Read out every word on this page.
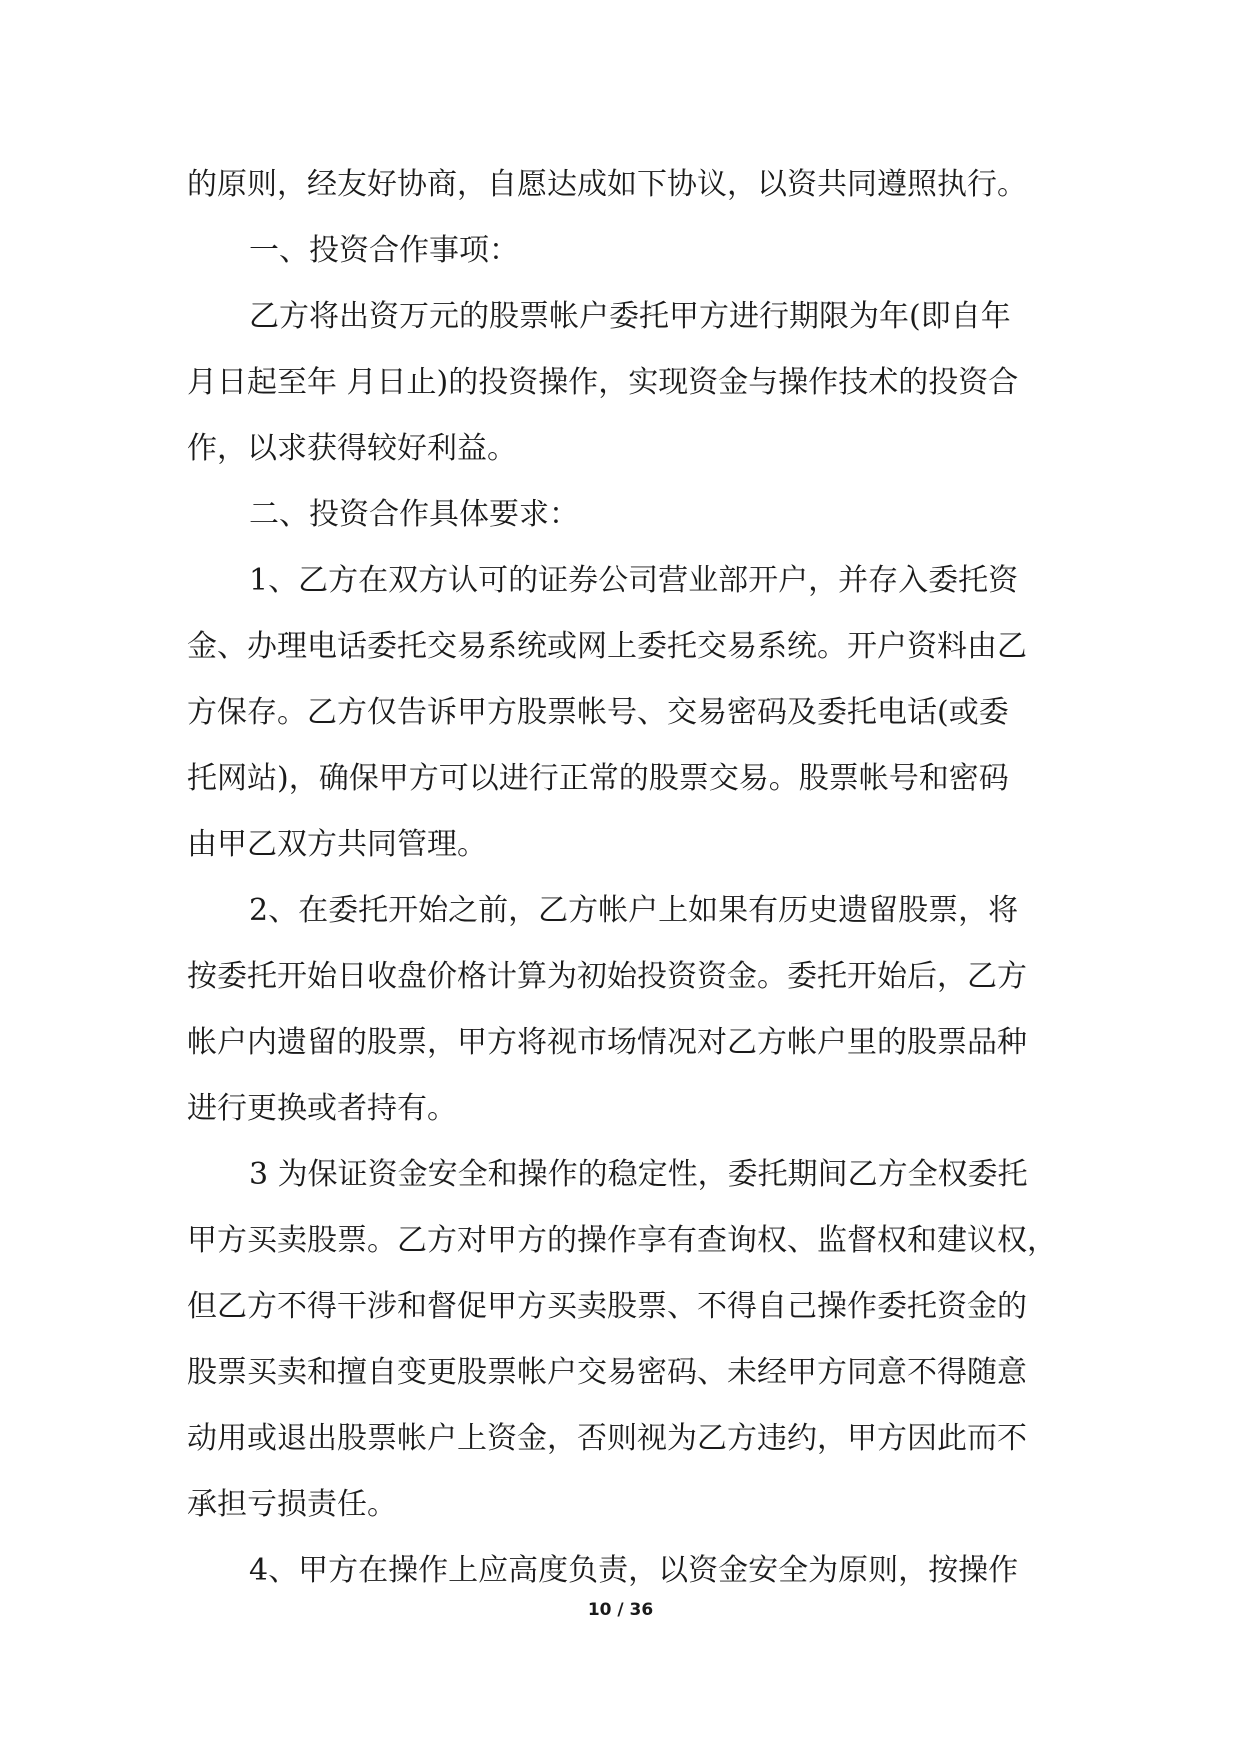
的原则，经友好协商，自愿达成如下协议，以资共同遵照执行。
一、投资合作事项：
乙方将出资万元的股票帐户委托甲方进行期限为年(即自年
月日起至年 月日止)的投资操作，实现资金与操作技术的投资合
作，以求获得较好利益。
二、投资合作具体要求：
1、乙方在双方认可的证券公司营业部开户，并存入委托资
金、办理电话委托交易系统或网上委托交易系统。开户资料由乙
方保存。乙方仅告诉甲方股票帐号、交易密码及委托电话(或委
托网站)，确保甲方可以进行正常的股票交易。股票帐号和密码
由甲乙双方共同管理。
2、在委托开始之前，乙方帐户上如果有历史遗留股票，将
按委托开始日收盘价格计算为初始投资资金。委托开始后，乙方
帐户内遗留的股票，甲方将视市场情况对乙方帐户里的股票品种
进行更换或者持有。
3 为保证资金安全和操作的稳定性，委托期间乙方全权委托
甲方买卖股票。乙方对甲方的操作享有查询权、监督权和建议权，
但乙方不得干涉和督促甲方买卖股票、不得自己操作委托资金的
股票买卖和擅自变更股票帐户交易密码、未经甲方同意不得随意
动用或退出股票帐户上资金，否则视为乙方违约，甲方因此而不
承担亏损责任。
4、甲方在操作上应高度负责，以资金安全为原则，按操作
10 / 36
